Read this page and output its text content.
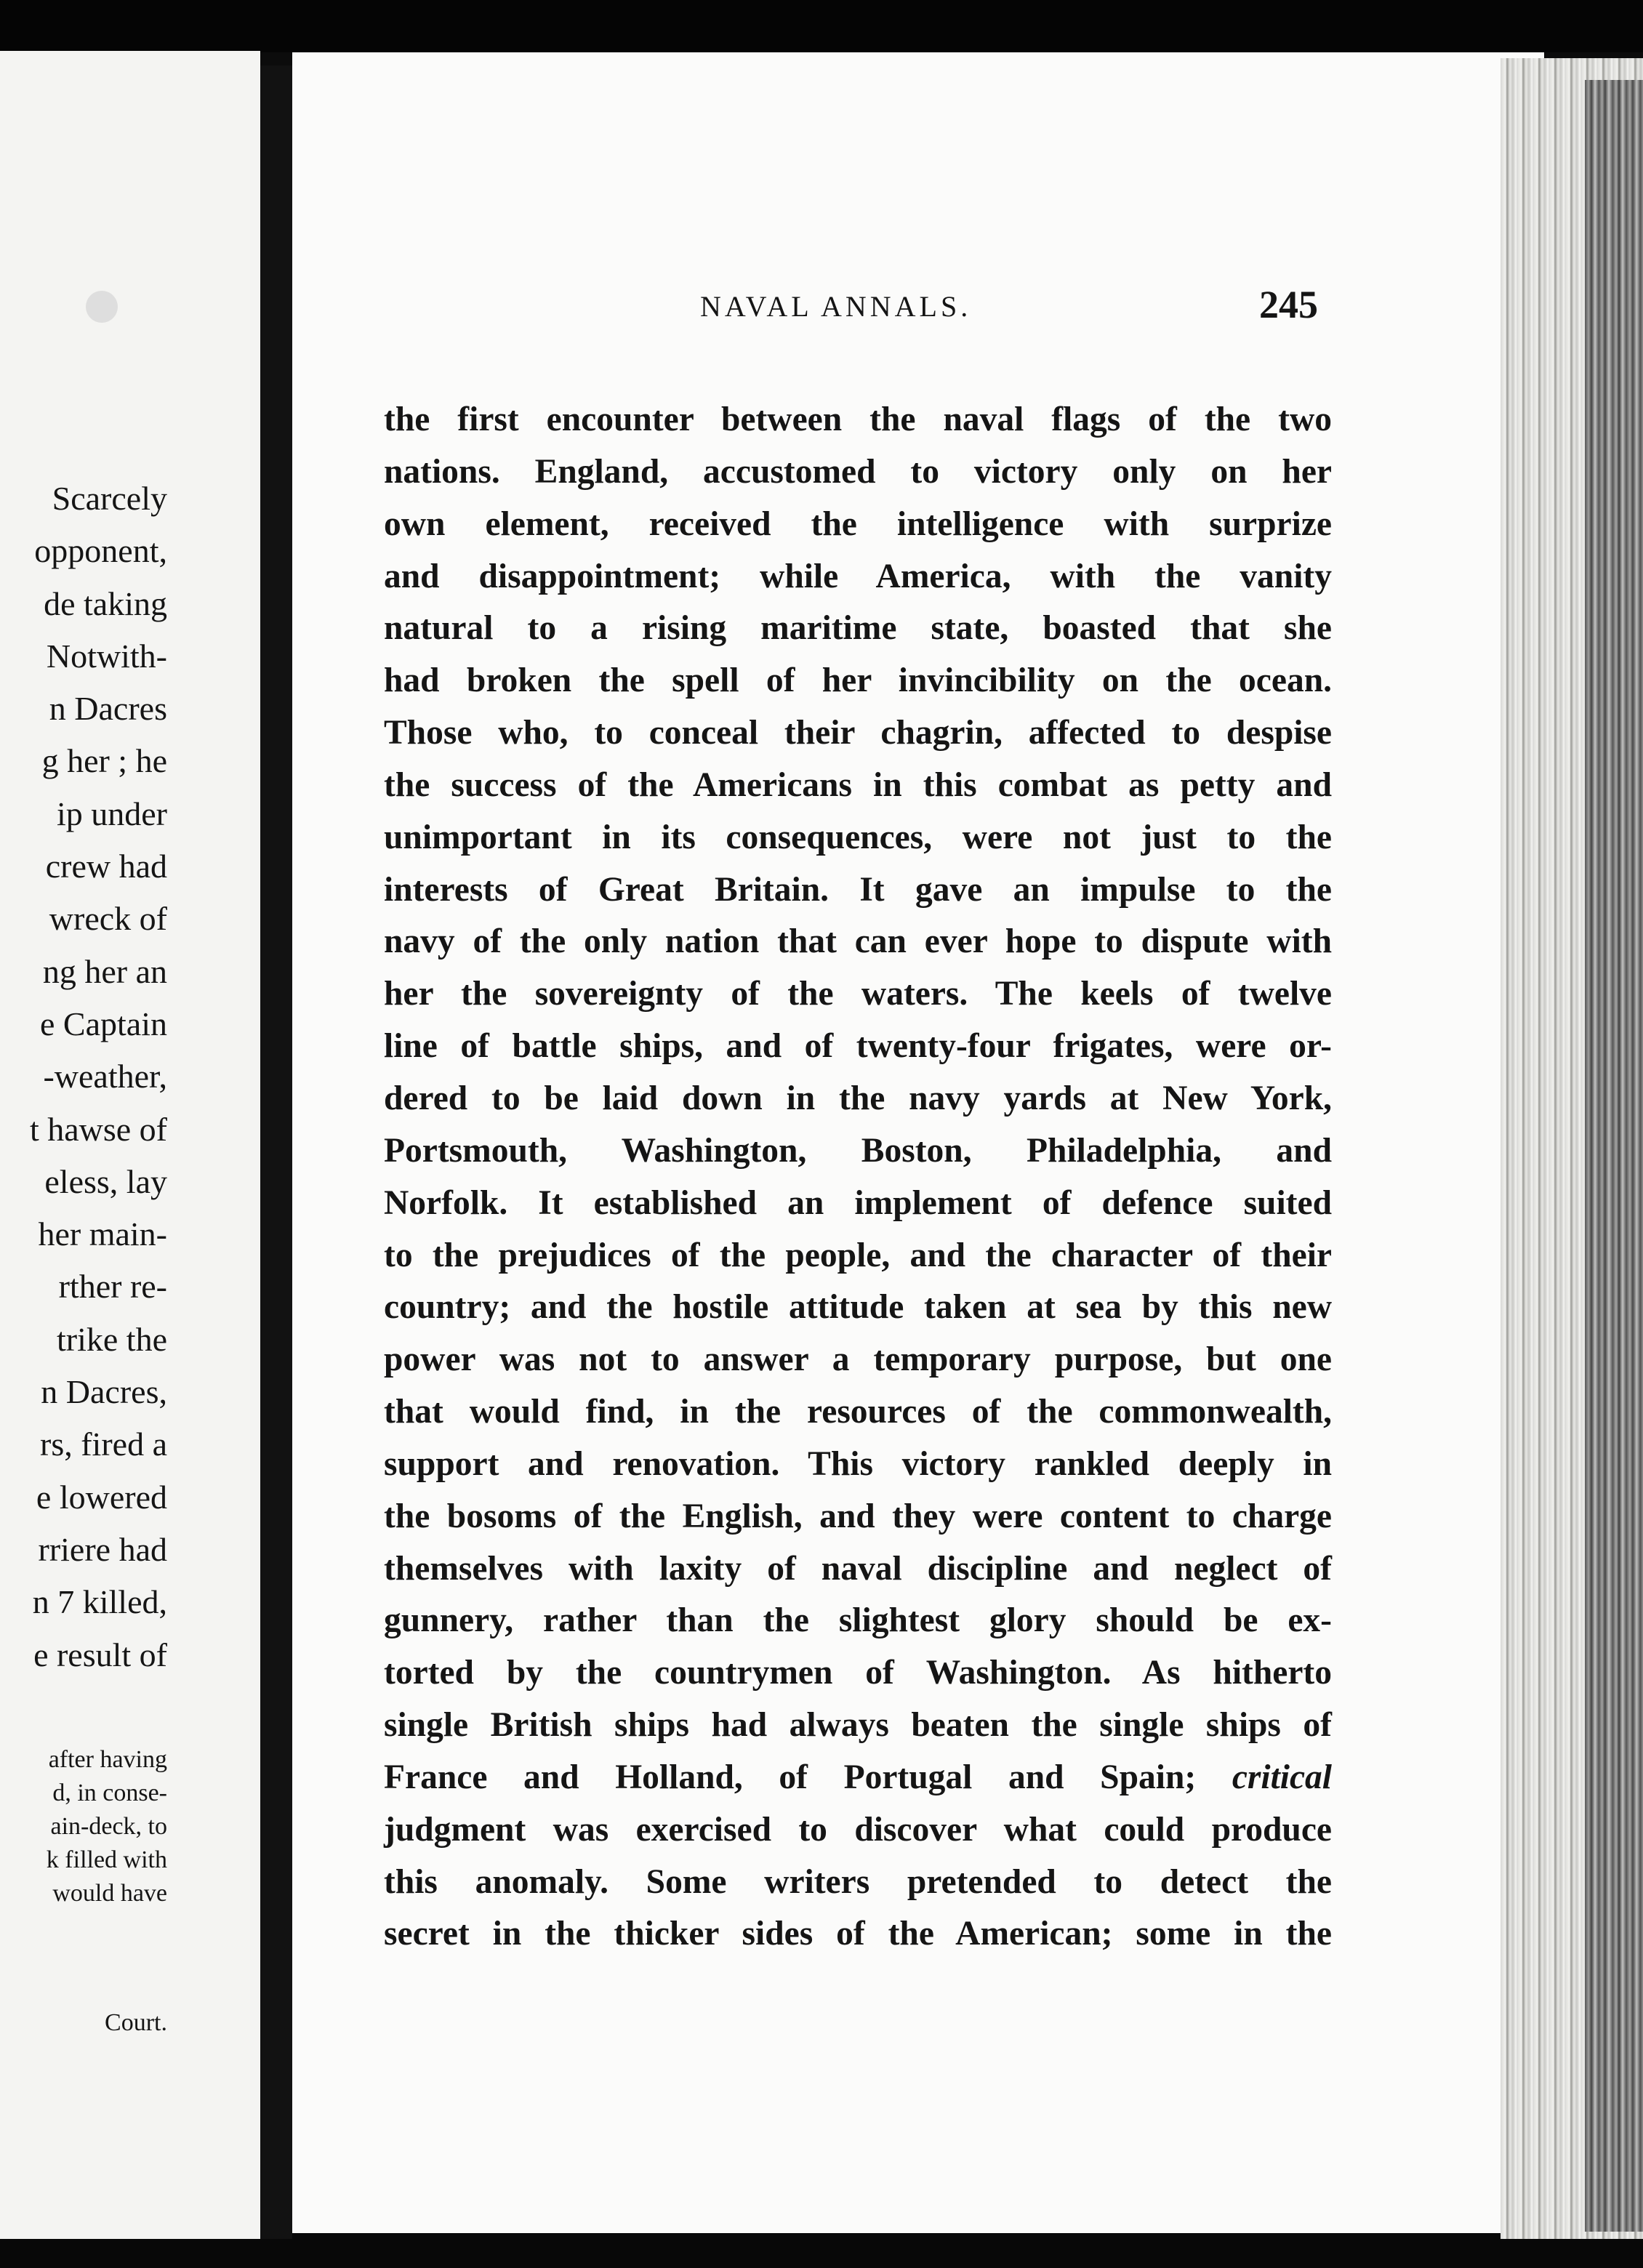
Scarcely
opponent,
de taking
Notwith-
n Dacres
g her ; he
ip under
crew had
wreck of
ng her an
e Captain
-weather,
t hawse of
eless, lay
her main-
rther re-
trike the
n Dacres,
rs, fired a
e lowered
rriere had
n 7 killed,
e result of
after having
d, in conse-
ain-deck, to
k filled with
would have
Court.
NAVAL ANNALS.	245
the first encounter between the naval flags of the two
nations. England, accustomed to victory only on her
own element, received the intelligence with surprize
and disappointment; while America, with the vanity
natural to a rising maritime state, boasted that she
had broken the spell of her invincibility on the ocean.
Those who, to conceal their chagrin, affected to despise
the success of the Americans in this combat as petty and
unimportant in its consequences, were not just to the
interests of Great Britain. It gave an impulse to the
navy of the only nation that can ever hope to dispute with
her the sovereignty of the waters. The keels of twelve
line of battle ships, and of twenty-four frigates, were or-
dered to be laid down in the navy yards at New York,
Portsmouth, Washington, Boston, Philadelphia, and
Norfolk. It established an implement of defence suited
to the prejudices of the people, and the character of their
country; and the hostile attitude taken at sea by this new
power was not to answer a temporary purpose, but one
that would find, in the resources of the commonwealth,
support and renovation. This victory rankled deeply in
the bosoms of the English, and they were content to charge
themselves with laxity of naval discipline and neglect of
gunnery, rather than the slightest glory should be ex-
torted by the countrymen of Washington. As hitherto
single British ships had always beaten the single ships of
France and Holland, of Portugal and Spain; critical
judgment was exercised to discover what could produce
this anomaly. Some writers pretended to detect the
secret in the thicker sides of the American; some in the
